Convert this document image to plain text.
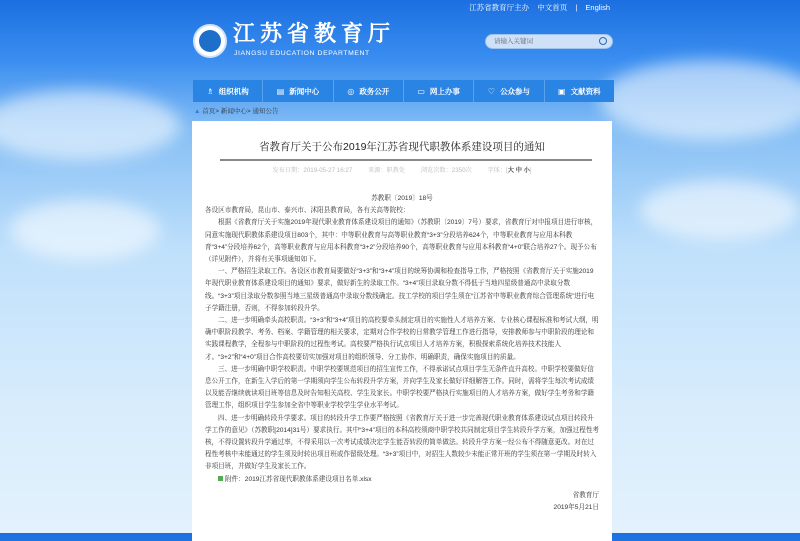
江苏省教育厅主办 中文首页 | English
江苏省教育厅
JIANGSU EDUCATION DEPARTMENT
请输入关键词
♗ 组织机构	▤ 新闻中心	◎ 政务公开	▭ 网上办事	♡ 公众参与	▣ 文献资料
▲ 首页> 新闻中心> 通知公告
省教育厅关于公布2019年江苏省现代职教体系建设项目的通知
发布日期：2019-05-27 16:27	来源：职教处	浏览次数：2350次	字体：[大 中 小]

苏教职〔2019〕18号

各设区市教育局，昆山市、泰兴市、沭阳县教育局，各有关高等院校：

根据《省教育厅关于实施2019年现代职业教育体系建设项目的通知》（苏教职〔2019〕7号）要求，省教育厅对申报项目进行审核，同意实施现代职教体系建设项目803个，其中：中等职业教育与高等职业教育“3+3”分段培养624个，中等职业教育与应用本科教育“3+4”分段培养62个，高等职业教育与应用本科教育“3+2”分段培养90个，高等职业教育与应用本科教育“4+0”联合培养27个。现予公布（详见附件），并将有关事项通知如下。

一、严格招生录取工作。各设区市教育局要做好“3+3”和“3+4”项目的统筹协调和检查指导工作，严格按照《省教育厅关于实施2019年现代职业教育体系建设项目的通知》要求，做好新生的录取工作。“3+4”项目录取分数不得低于当地四星级普通高中录取分数线。“3+3”项目录取分数参照当地三星级普通高中录取分数线确定。技工学校的项目学生须在“江苏省中等职业教育综合管理系统”进行电子学籍注册，否则，不得参加转段升学。

二、进一步明确牵头高校职责。“3+3”和“3+4”项目的高校要牵头制定项目的实施性人才培养方案、专业核心课程标准和考试大纲，明确中职阶段教学、考务、档案、学籍管理的相关要求，定期对合作学校的日常教学管理工作进行指导，安排教师参与中职阶段的理论和实践课程教学，全程参与中职阶段的过程性考试。高校要严格执行试点项目人才培养方案，积极探索系统化培养技术技能人才。“3+2”和“4+0”项目合作高校要切实加强对项目的组织领导、分工协作、明确职责，确保实施项目的质量。

三、进一步明确中职学校职责。中职学校要规范项目的招生宣传工作，不得承诺试点项目学生无条件直升高校。中职学校要做好信息公开工作，在新生入学后的第一学期须向学生公布转段升学方案，并向学生及家长做好详细解答工作。同时，需将学生每次考试成绩以及能否继续就读项目班等信息及时告知相关高校、学生及家长。中职学校要严格执行实施项目的人才培养方案，做好学生考务和学籍管理工作，组织项目学生参加全省中等职业学校学生学业水平考试。

四、进一步明确转段升学要求。项目的转段升学工作要严格按照《省教育厅关于进一步完善现代职业教育体系建设试点项目转段升学工作的意见》（苏教职[2014]31号）要求执行。其中“3+4”项目的本科高校须商中职学校共同制定项目学生转段升学方案，加强过程性考核，不得设置转段升学通过率，不得采用以一次考试成绩决定学生能否转段的简单做法。转段升学方案一经公布不得随意更改。对在过程性考核中未能通过的学生须及时转出项目班或作留级处理。“3+3”项目中，对招生人数较少未能正常开班的学生须在第一学期及时转入非项目班，并做好学生及家长工作。

附件：2019江苏省现代职教体系建设项目名单.xlsx

省教育厅

2019年5月21日
